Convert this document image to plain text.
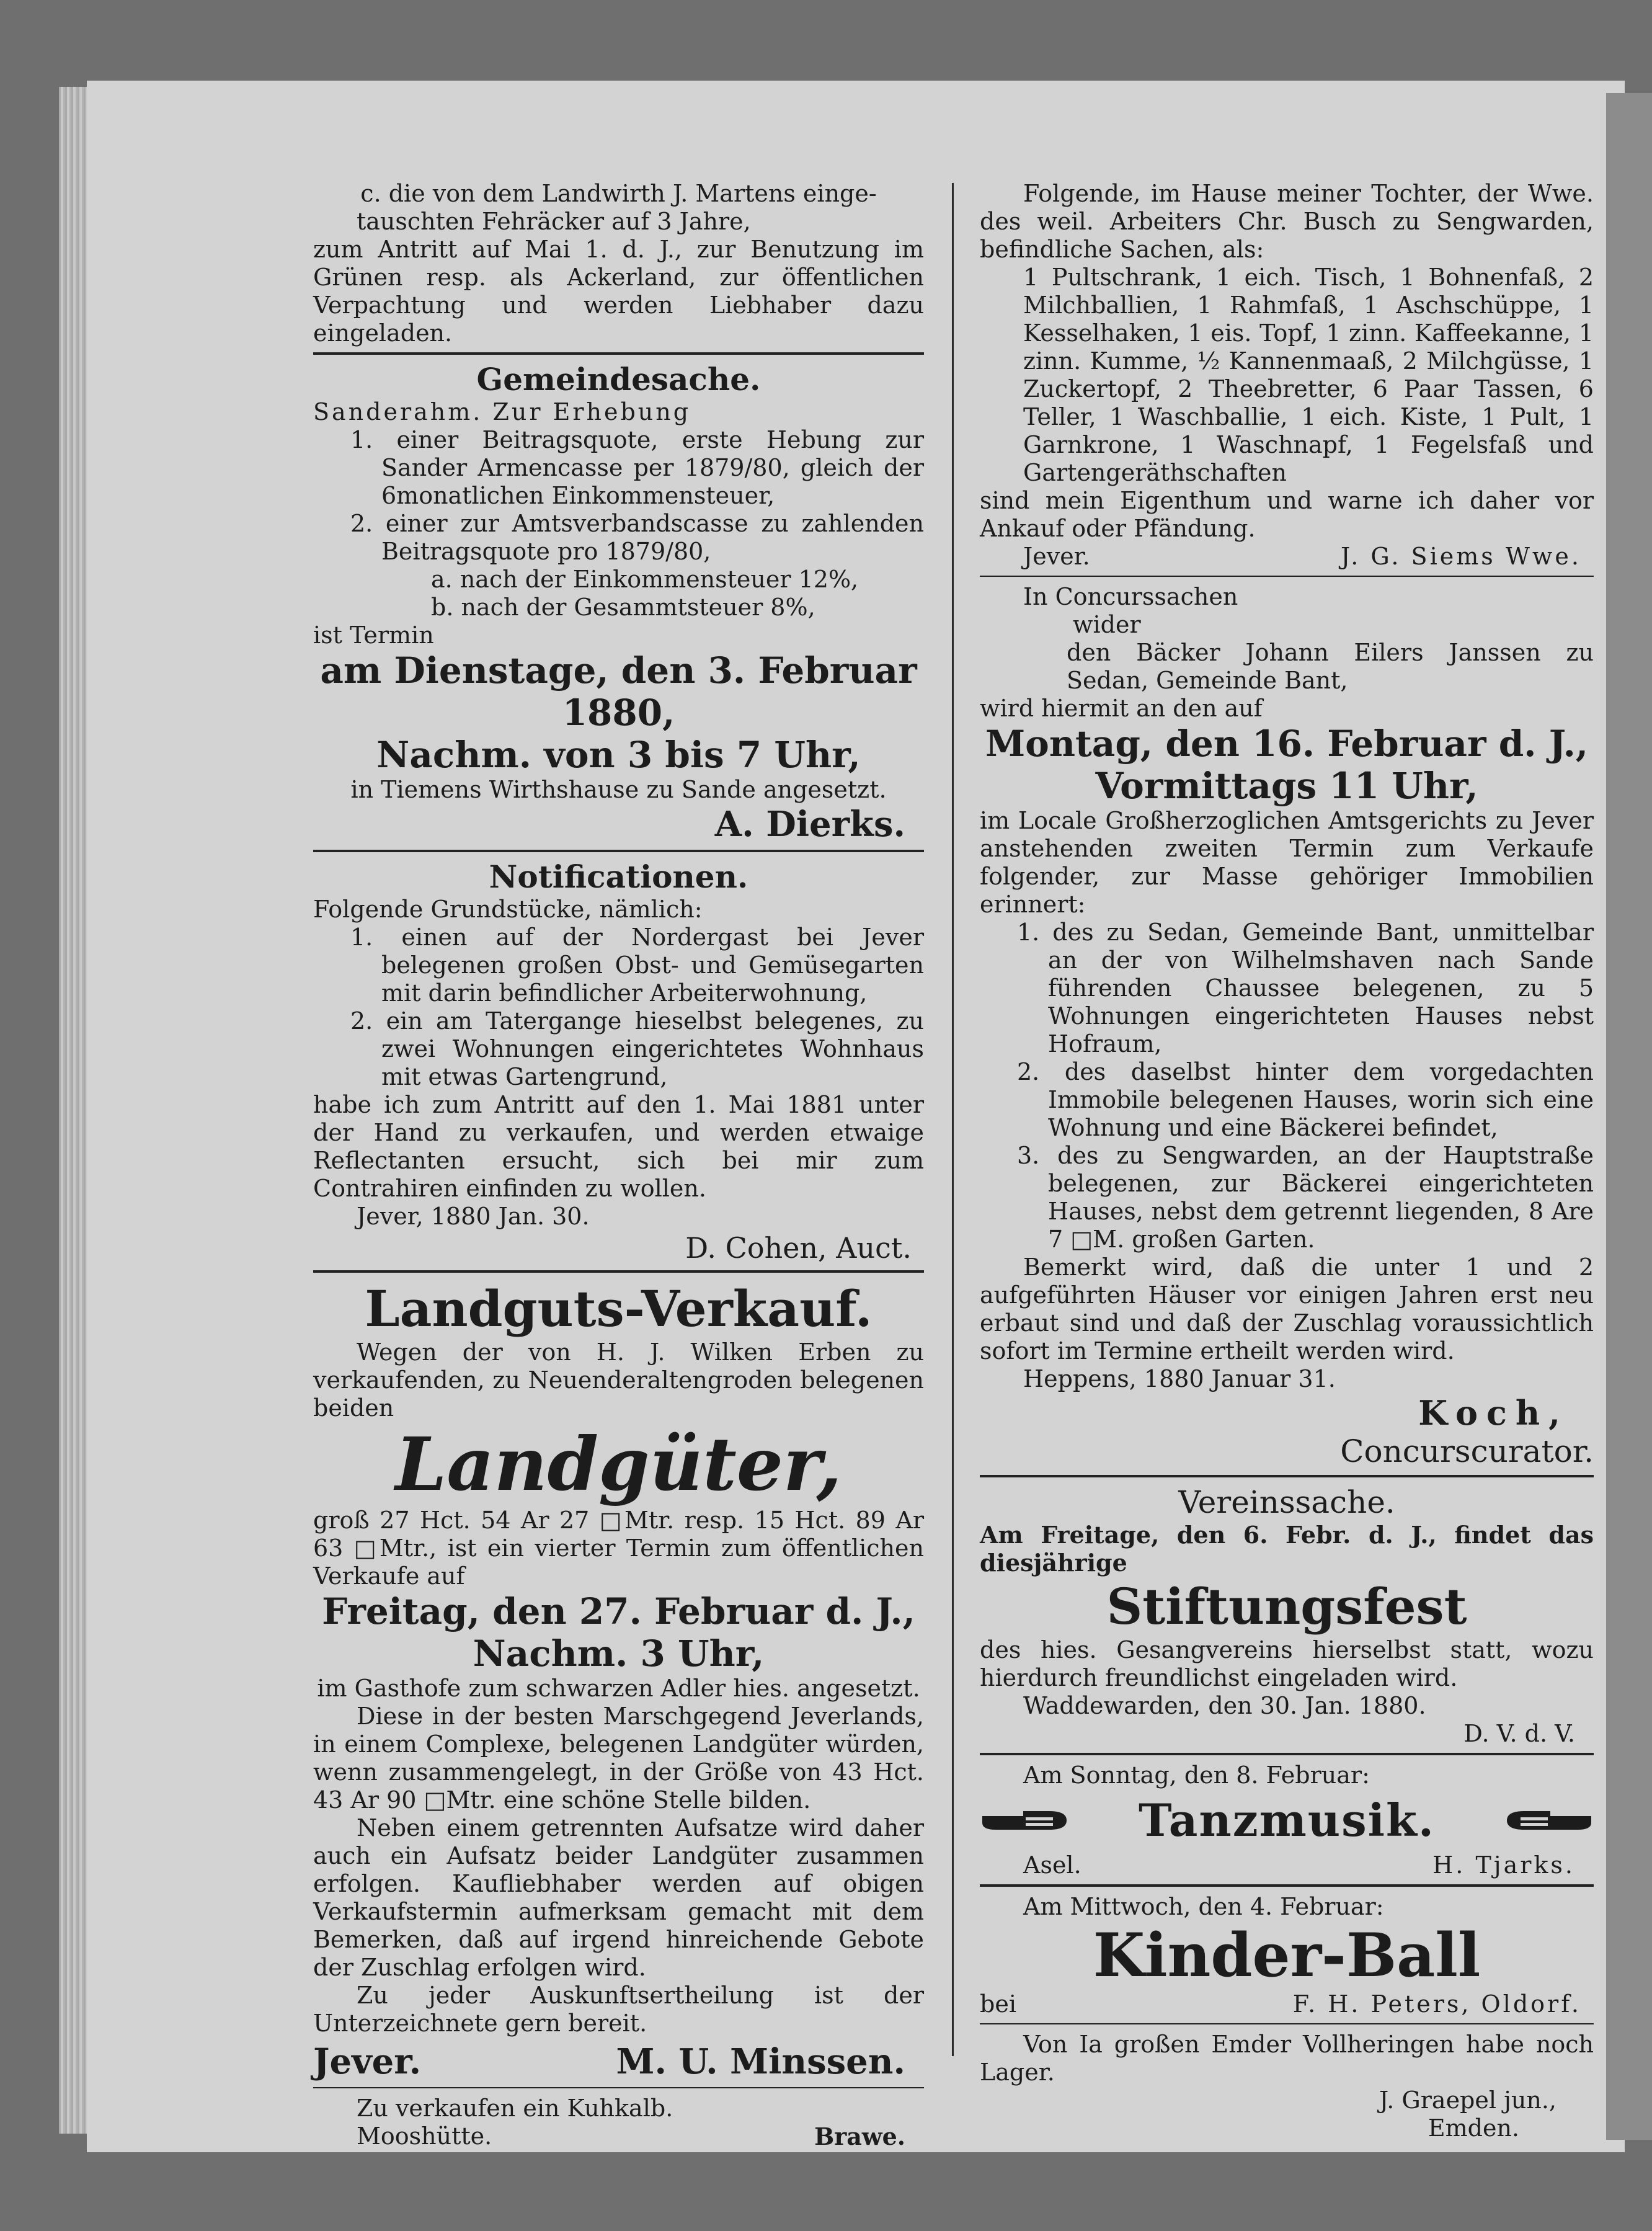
c. die von dem Landwirth J. Martens einge-

tauschten Fehräcker auf 3 Jahre,

zum Antritt auf Mai 1. d. J., zur Benutzung im Grünen resp. als Ackerland, zur öffentlichen Verpachtung und werden Liebhaber dazu eingeladen.

Gemeindesache.

Sanderahm. Zur Erhebung

1. einer Beitragsquote, erste Hebung zur Sander Armencasse per 1879/80, gleich der 6monatlichen Einkommensteuer,

2. einer zur Amtsverbandscasse zu zahlenden Beitragsquote pro 1879/80,

a. nach der Einkommensteuer 12%,

b. nach der Gesammtsteuer 8%,

ist Termin

am Dienstage, den 3. Februar 1880,

Nachm. von 3 bis 7 Uhr,

in Tiemens Wirthshause zu Sande angesetzt.

A. Dierks.

Notificationen.

Folgende Grundstücke, nämlich:

1. einen auf der Nordergast bei Jever belegenen großen Obst- und Gemüsegarten mit darin befindlicher Arbeiterwohnung,

2. ein am Tatergange hieselbst belegenes, zu zwei Wohnungen eingerichtetes Wohnhaus mit etwas Gartengrund,

habe ich zum Antritt auf den 1. Mai 1881 unter der Hand zu verkaufen, und werden etwaige Reflectanten ersucht, sich bei mir zum Contrahiren einfinden zu wollen.

Jever, 1880 Jan. 30.

D. Cohen, Auct.

Landguts-Verkauf.

Wegen der von H. J. Wilken Erben zu verkaufenden, zu Neuenderaltengroden belegenen beiden

Landgüter,

groß 27 Hct. 54 Ar 27 □Mtr. resp. 15 Hct. 89 Ar 63 □Mtr., ist ein vierter Termin zum öffentlichen Verkaufe auf

Freitag, den 27. Februar d. J.,

Nachm. 3 Uhr,

im Gasthofe zum schwarzen Adler hies. angesetzt.

Diese in der besten Marschgegend Jeverlands, in einem Complexe, belegenen Landgüter würden, wenn zusammengelegt, in der Größe von 43 Hct. 43 Ar 90 □Mtr. eine schöne Stelle bilden.

Neben einem getrennten Aufsatze wird daher auch ein Aufsatz beider Landgüter zusammen erfolgen. Kaufliebhaber werden auf obigen Verkaufstermin aufmerksam gemacht mit dem Bemerken, daß auf irgend hinreichende Gebote der Zuschlag erfolgen wird.

Zu jeder Auskunftsertheilung ist der Unterzeichnete gern bereit.

Jever.	M. U. Minssen.

Zu verkaufen ein Kuhkalb.

Mooshütte.	Brawe.

Folgende, im Hause meiner Tochter, der Wwe. des weil. Arbeiters Chr. Busch zu Sengwarden, befindliche Sachen, als:

1 Pultschrank, 1 eich. Tisch, 1 Bohnenfaß, 2 Milchballien, 1 Rahmfaß, 1 Aschschüppe, 1 Kesselhaken, 1 eis. Topf, 1 zinn. Kaffeekanne, 1 zinn. Kumme, ½ Kannenmaaß, 2 Milchgüsse, 1 Zuckertopf, 2 Theebretter, 6 Paar Tassen, 6 Teller, 1 Waschballie, 1 eich. Kiste, 1 Pult, 1 Garnkrone, 1 Waschnapf, 1 Fegelsfaß und Gartengeräthschaften

sind mein Eigenthum und warne ich daher vor Ankauf oder Pfändung.

Jever.	J. G. Siems Wwe.

In Concurssachen

wider

den Bäcker Johann Eilers Janssen zu Sedan, Gemeinde Bant,

wird hiermit an den auf

Montag, den 16. Februar d. J.,

Vormittags 11 Uhr,

im Locale Großherzoglichen Amtsgerichts zu Jever anstehenden zweiten Termin zum Verkaufe folgender, zur Masse gehöriger Immobilien erinnert:

1. des zu Sedan, Gemeinde Bant, unmittelbar an der von Wilhelmshaven nach Sande führenden Chaussee belegenen, zu 5 Wohnungen eingerichteten Hauses nebst Hofraum,

2. des daselbst hinter dem vorgedachten Immobile belegenen Hauses, worin sich eine Wohnung und eine Bäckerei befindet,

3. des zu Sengwarden, an der Hauptstraße belegenen, zur Bäckerei eingerichteten Hauses, nebst dem getrennt liegenden, 8 Are 7 □M. großen Garten.

Bemerkt wird, daß die unter 1 und 2 aufgeführten Häuser vor einigen Jahren erst neu erbaut sind und daß der Zuschlag voraussichtlich sofort im Termine ertheilt werden wird.

Heppens, 1880 Januar 31.

Koch,

Concurscurator.

Vereinssache.

Am Freitage, den 6. Febr. d. J., findet das diesjährige

Stiftungsfest

des hies. Gesangvereins hierselbst statt, wozu hierdurch freundlichst eingeladen wird.

Waddewarden, den 30. Jan. 1880.

D. V. d. V.

Am Sonntag, den 8. Februar:

Tanzmusik.
Asel.	H. Tjarks.

Am Mittwoch, den 4. Februar:

Kinder-Ball

bei	F. H. Peters, Oldorf.

Von Ia großen Emder Vollheringen habe noch Lager.

J. Graepel jun.,

Emden.
